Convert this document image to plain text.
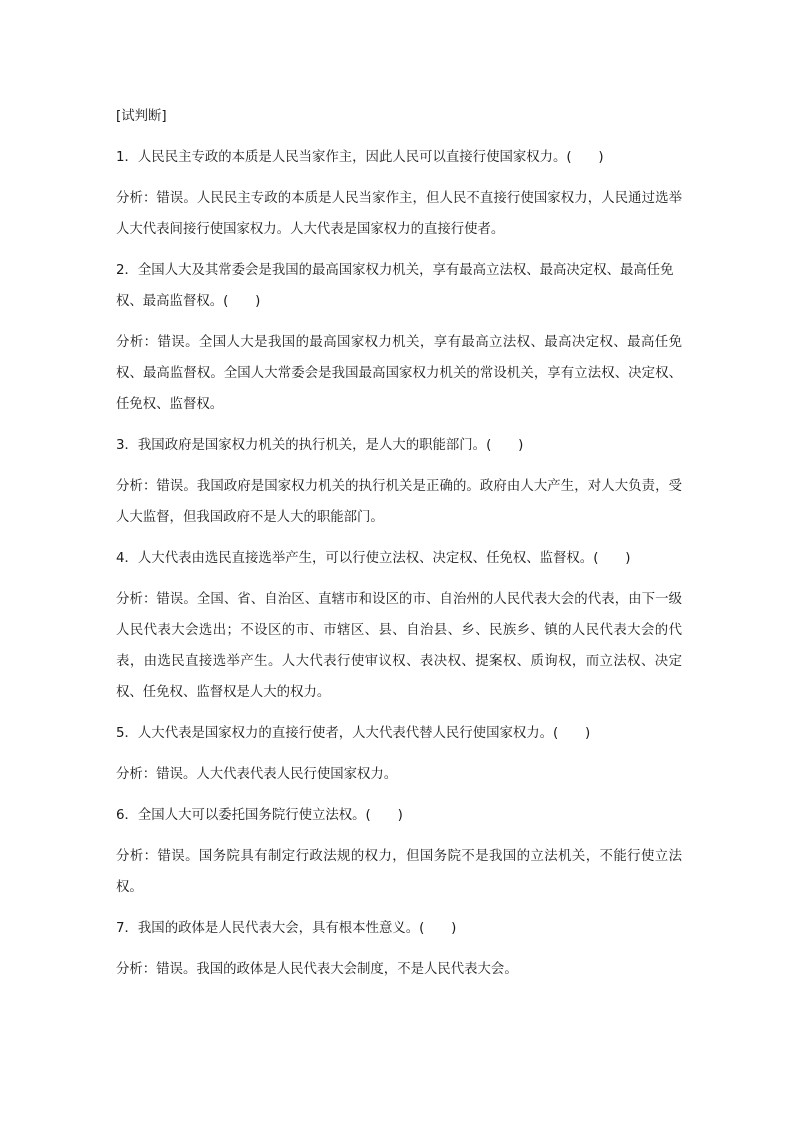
[试判断]

1．人民民主专政的本质是人民当家作主，因此人民可以直接行使国家权力。(　　)

分析：错误。人民民主专政的本质是人民当家作主，但人民不直接行使国家权力，人民通过选举人大代表间接行使国家权力。人大代表是国家权力的直接行使者。

2．全国人大及其常委会是我国的最高国家权力机关，享有最高立法权、最高决定权、最高任免权、最高监督权。(　　)

分析：错误。全国人大是我国的最高国家权力机关，享有最高立法权、最高决定权、最高任免权、最高监督权。全国人大常委会是我国最高国家权力机关的常设机关，享有立法权、决定权、任免权、监督权。

3．我国政府是国家权力机关的执行机关，是人大的职能部门。(　　)

分析：错误。我国政府是国家权力机关的执行机关是正确的。政府由人大产生，对人大负责，受人大监督，但我国政府不是人大的职能部门。

4．人大代表由选民直接选举产生，可以行使立法权、决定权、任免权、监督权。(　　)

分析：错误。全国、省、自治区、直辖市和设区的市、自治州的人民代表大会的代表，由下一级人民代表大会选出；不设区的市、市辖区、县、自治县、乡、民族乡、镇的人民代表大会的代表，由选民直接选举产生。人大代表行使审议权、表决权、提案权、质询权，而立法权、决定权、任免权、监督权是人大的权力。

5．人大代表是国家权力的直接行使者，人大代表代替人民行使国家权力。(　　)

分析：错误。人大代表代表人民行使国家权力。

6．全国人大可以委托国务院行使立法权。(　　)

分析：错误。国务院具有制定行政法规的权力，但国务院不是我国的立法机关，不能行使立法权。

7．我国的政体是人民代表大会，具有根本性意义。(　　)

分析：错误。我国的政体是人民代表大会制度，不是人民代表大会。
